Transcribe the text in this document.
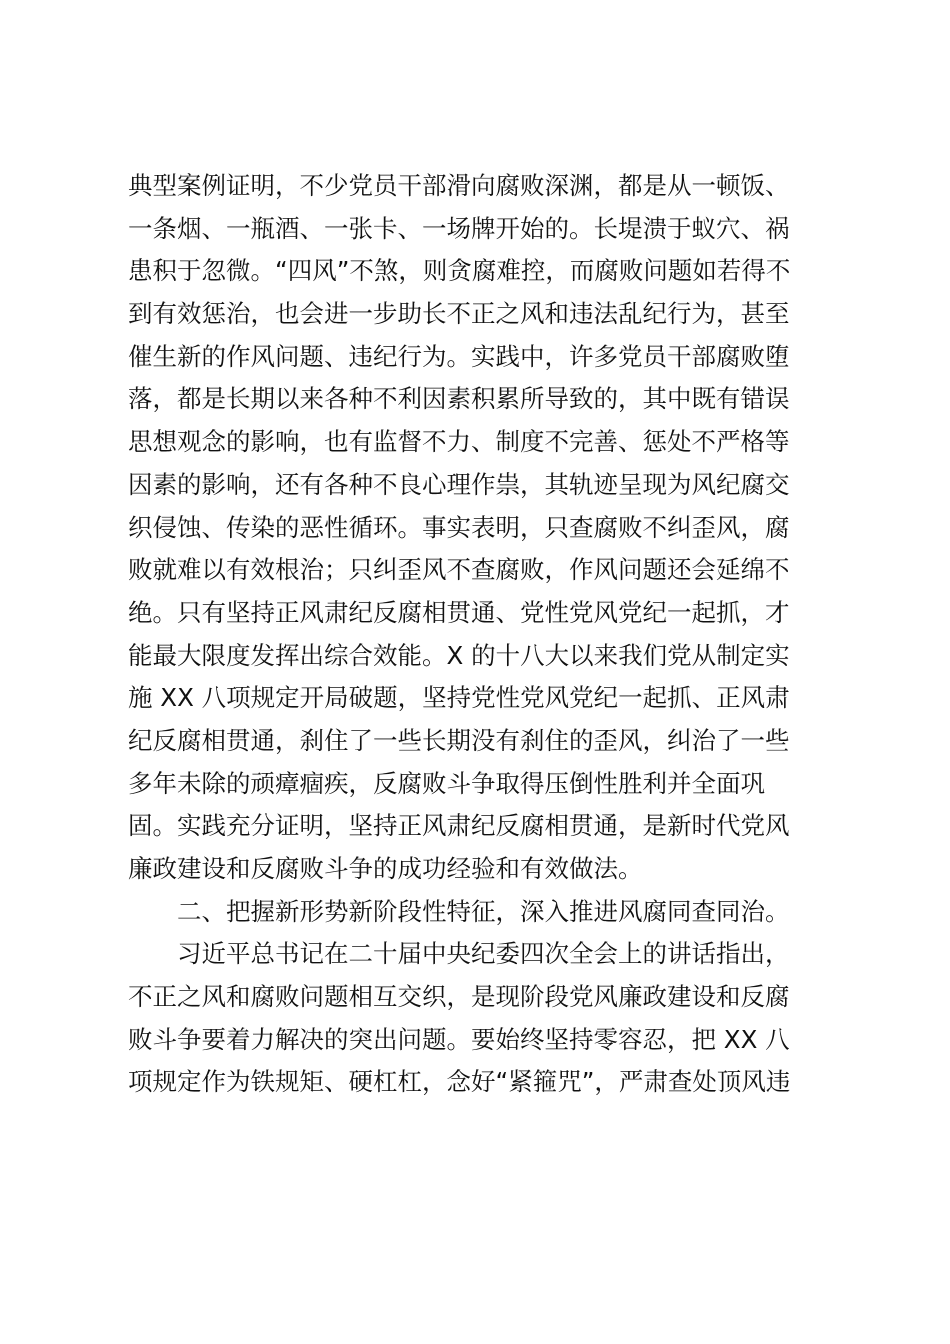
典型案例证明，不少党员干部滑向腐败深渊，都是从一顿饭、
一条烟、一瓶酒、一张卡、一场牌开始的。长堤溃于蚁穴、祸
患积于忽微。“四风”不煞，则贪腐难控，而腐败问题如若得不
到有效惩治，也会进一步助长不正之风和违法乱纪行为，甚至
催生新的作风问题、违纪行为。实践中，许多党员干部腐败堕
落，都是长期以来各种不利因素积累所导致的，其中既有错误
思想观念的影响，也有监督不力、制度不完善、惩处不严格等
因素的影响，还有各种不良心理作祟，其轨迹呈现为风纪腐交
织侵蚀、传染的恶性循环。事实表明，只查腐败不纠歪风，腐
败就难以有效根治；只纠歪风不查腐败，作风问题还会延绵不
绝。只有坚持正风肃纪反腐相贯通、党性党风党纪一起抓，才
能最大限度发挥出综合效能。X 的十八大以来我们党从制定实
施 XX 八项规定开局破题，坚持党性党风党纪一起抓、正风肃
纪反腐相贯通，刹住了一些长期没有刹住的歪风，纠治了一些
多年未除的顽瘴痼疾，反腐败斗争取得压倒性胜利并全面巩
固。实践充分证明，坚持正风肃纪反腐相贯通，是新时代党风
廉政建设和反腐败斗争的成功经验和有效做法。
二、把握新形势新阶段性特征，深入推进风腐同查同治。
习近平总书记在二十届中央纪委四次全会上的讲话指出，
不正之风和腐败问题相互交织，是现阶段党风廉政建设和反腐
败斗争要着力解决的突出问题。要始终坚持零容忍，把 XX 八
项规定作为铁规矩、硬杠杠，念好“紧箍咒”，严肃查处顶风违
